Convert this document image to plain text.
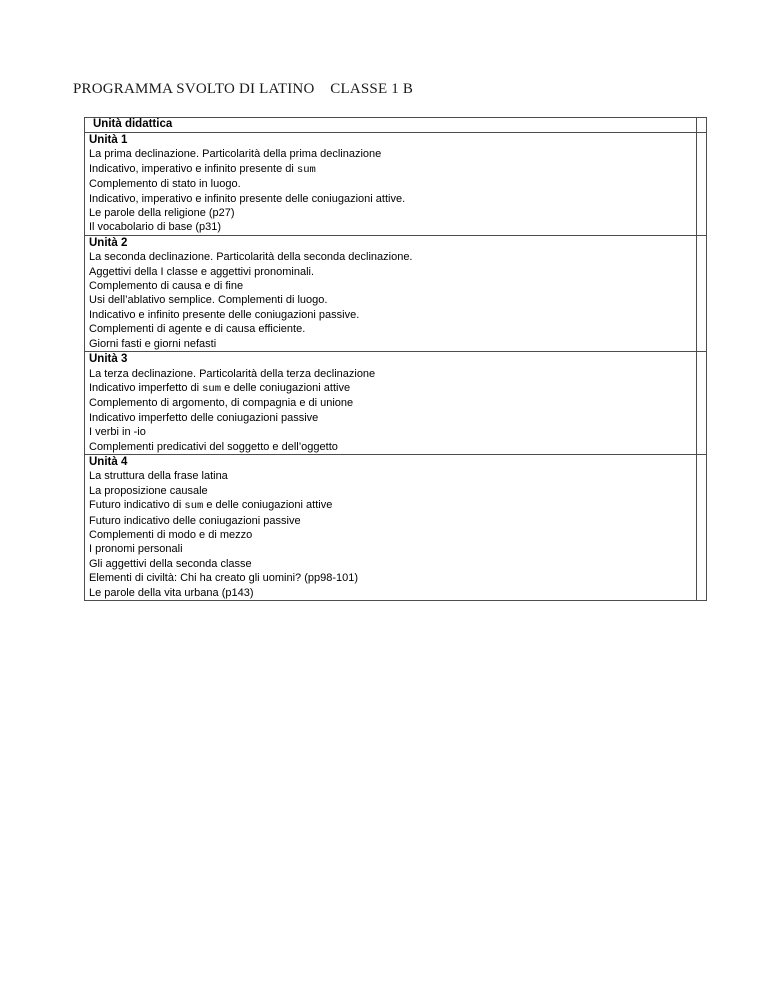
PROGRAMMA SVOLTO DI LATINO    CLASSE 1 B
Unità didattica	

Unità 1
La prima declinazione. Particolarità della prima declinazione
Indicativo, imperativo e infinito presente di sum
Complemento di stato in luogo.
Indicativo, imperativo e infinito presente delle coniugazioni attive.
Le parole della religione (p27)
Il vocabolario di base (p31)

Unità 2
La seconda declinazione. Particolarità della seconda declinazione.
Aggettivi della I classe e aggettivi pronominali.
Complemento di causa e di fine
Usi dell’ablativo semplice. Complementi di luogo.
Indicativo e infinito presente delle coniugazioni passive.
Complementi di agente e di causa efficiente.
Giorni fasti e giorni nefasti

Unità 3
La terza declinazione. Particolarità della terza declinazione
Indicativo imperfetto di sum e delle coniugazioni attive
Complemento di argomento, di compagnia e di unione
Indicativo imperfetto delle coniugazioni passive
I verbi in -io
Complementi predicativi del soggetto e dell’oggetto

Unità 4
La struttura della frase latina
La proposizione causale
Futuro indicativo di sum e delle coniugazioni attive
Futuro indicativo delle coniugazioni passive
Complementi di modo e di mezzo
I pronomi personali
Gli aggettivi della seconda classe
Elementi di civiltà: Chi ha creato gli uomini? (pp98-101)
Le parole della vita urbana (p143)
